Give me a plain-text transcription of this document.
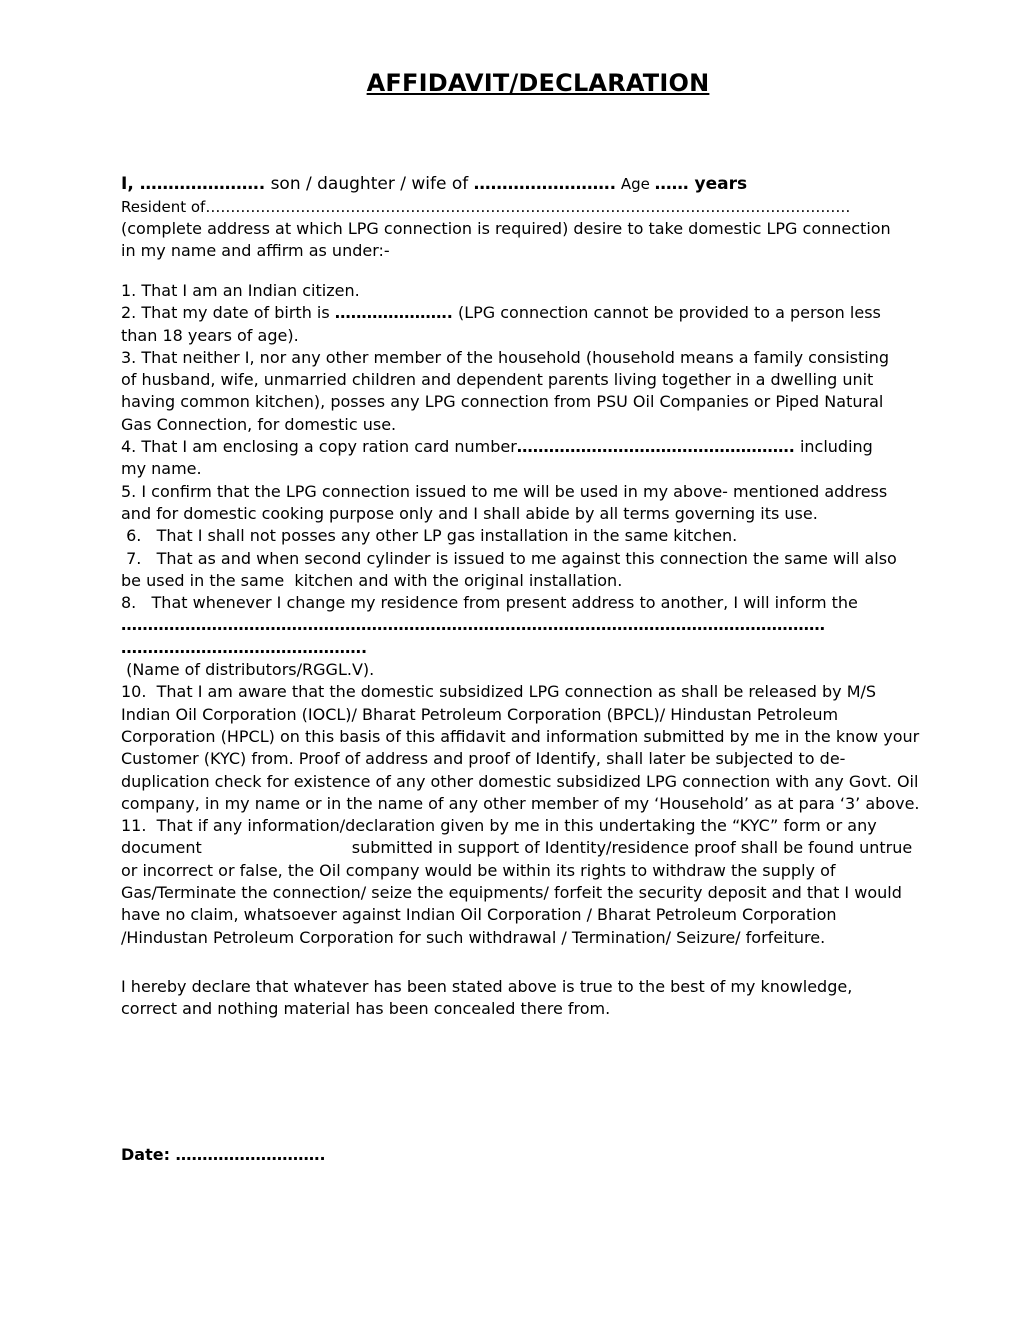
AFFIDAVIT/DECLARATION
I, …………………. son / daughter / wife of ……………………. Age …… years
Resident of…………………………………………………………………………………………………………………
(complete address at which LPG connection is required) desire to take domestic LPG connection
in my name and affirm as under:-
1. That I am an Indian citizen.
2. That my date of birth is …………………. (LPG connection cannot be provided to a person less
than 18 years of age).
3. That neither I, nor any other member of the household (household means a family consisting
of husband, wife, unmarried children and dependent parents living together in a dwelling unit
having common kitchen), posses any LPG connection from PSU Oil Companies or Piped Natural
Gas Connection, for domestic use.
4. That I am enclosing a copy ration card number……………………………………………. including
my name.
5. I confirm that the LPG connection issued to me will be used in my above- mentioned address
and for domestic cooking purpose only and I shall abide by all terms governing its use.
6.   That I shall not posses any other LP gas installation in the same kitchen.
7.   That as and when second cylinder is issued to me against this connection the same will also
be used in the same  kitchen and with the original installation.
8.   That whenever I change my residence from present address to another, I will inform the
……………………………………………………………………………………………………………………
……………………………………….
(Name of distributors/RGGL.V).
10.  That I am aware that the domestic subsidized LPG connection as shall be released by M/S
Indian Oil Corporation (IOCL)/ Bharat Petroleum Corporation (BPCL)/ Hindustan Petroleum
Corporation (HPCL) on this basis of this affidavit and information submitted by me in the know your
Customer (KYC) from. Proof of address and proof of Identify, shall later be subjected to de-
duplication check for existence of any other domestic subsidized LPG connection with any Govt. Oil
company, in my name or in the name of any other member of my ‘Household’ as at para ‘3’ above.
11.  That if any information/declaration given by me in this undertaking the “KYC” form or any
document	submitted in support of Identity/residence proof shall be found untrue
or incorrect or false, the Oil company would be within its rights to withdraw the supply of
Gas/Terminate the connection/ seize the equipments/ forfeit the security deposit and that I would
have no claim, whatsoever against Indian Oil Corporation / Bharat Petroleum Corporation
/Hindustan Petroleum Corporation for such withdrawal / Termination/ Seizure/ forfeiture.
I hereby declare that whatever has been stated above is true to the best of my knowledge,
correct and nothing material has been concealed there from.
Date: ……………………….
